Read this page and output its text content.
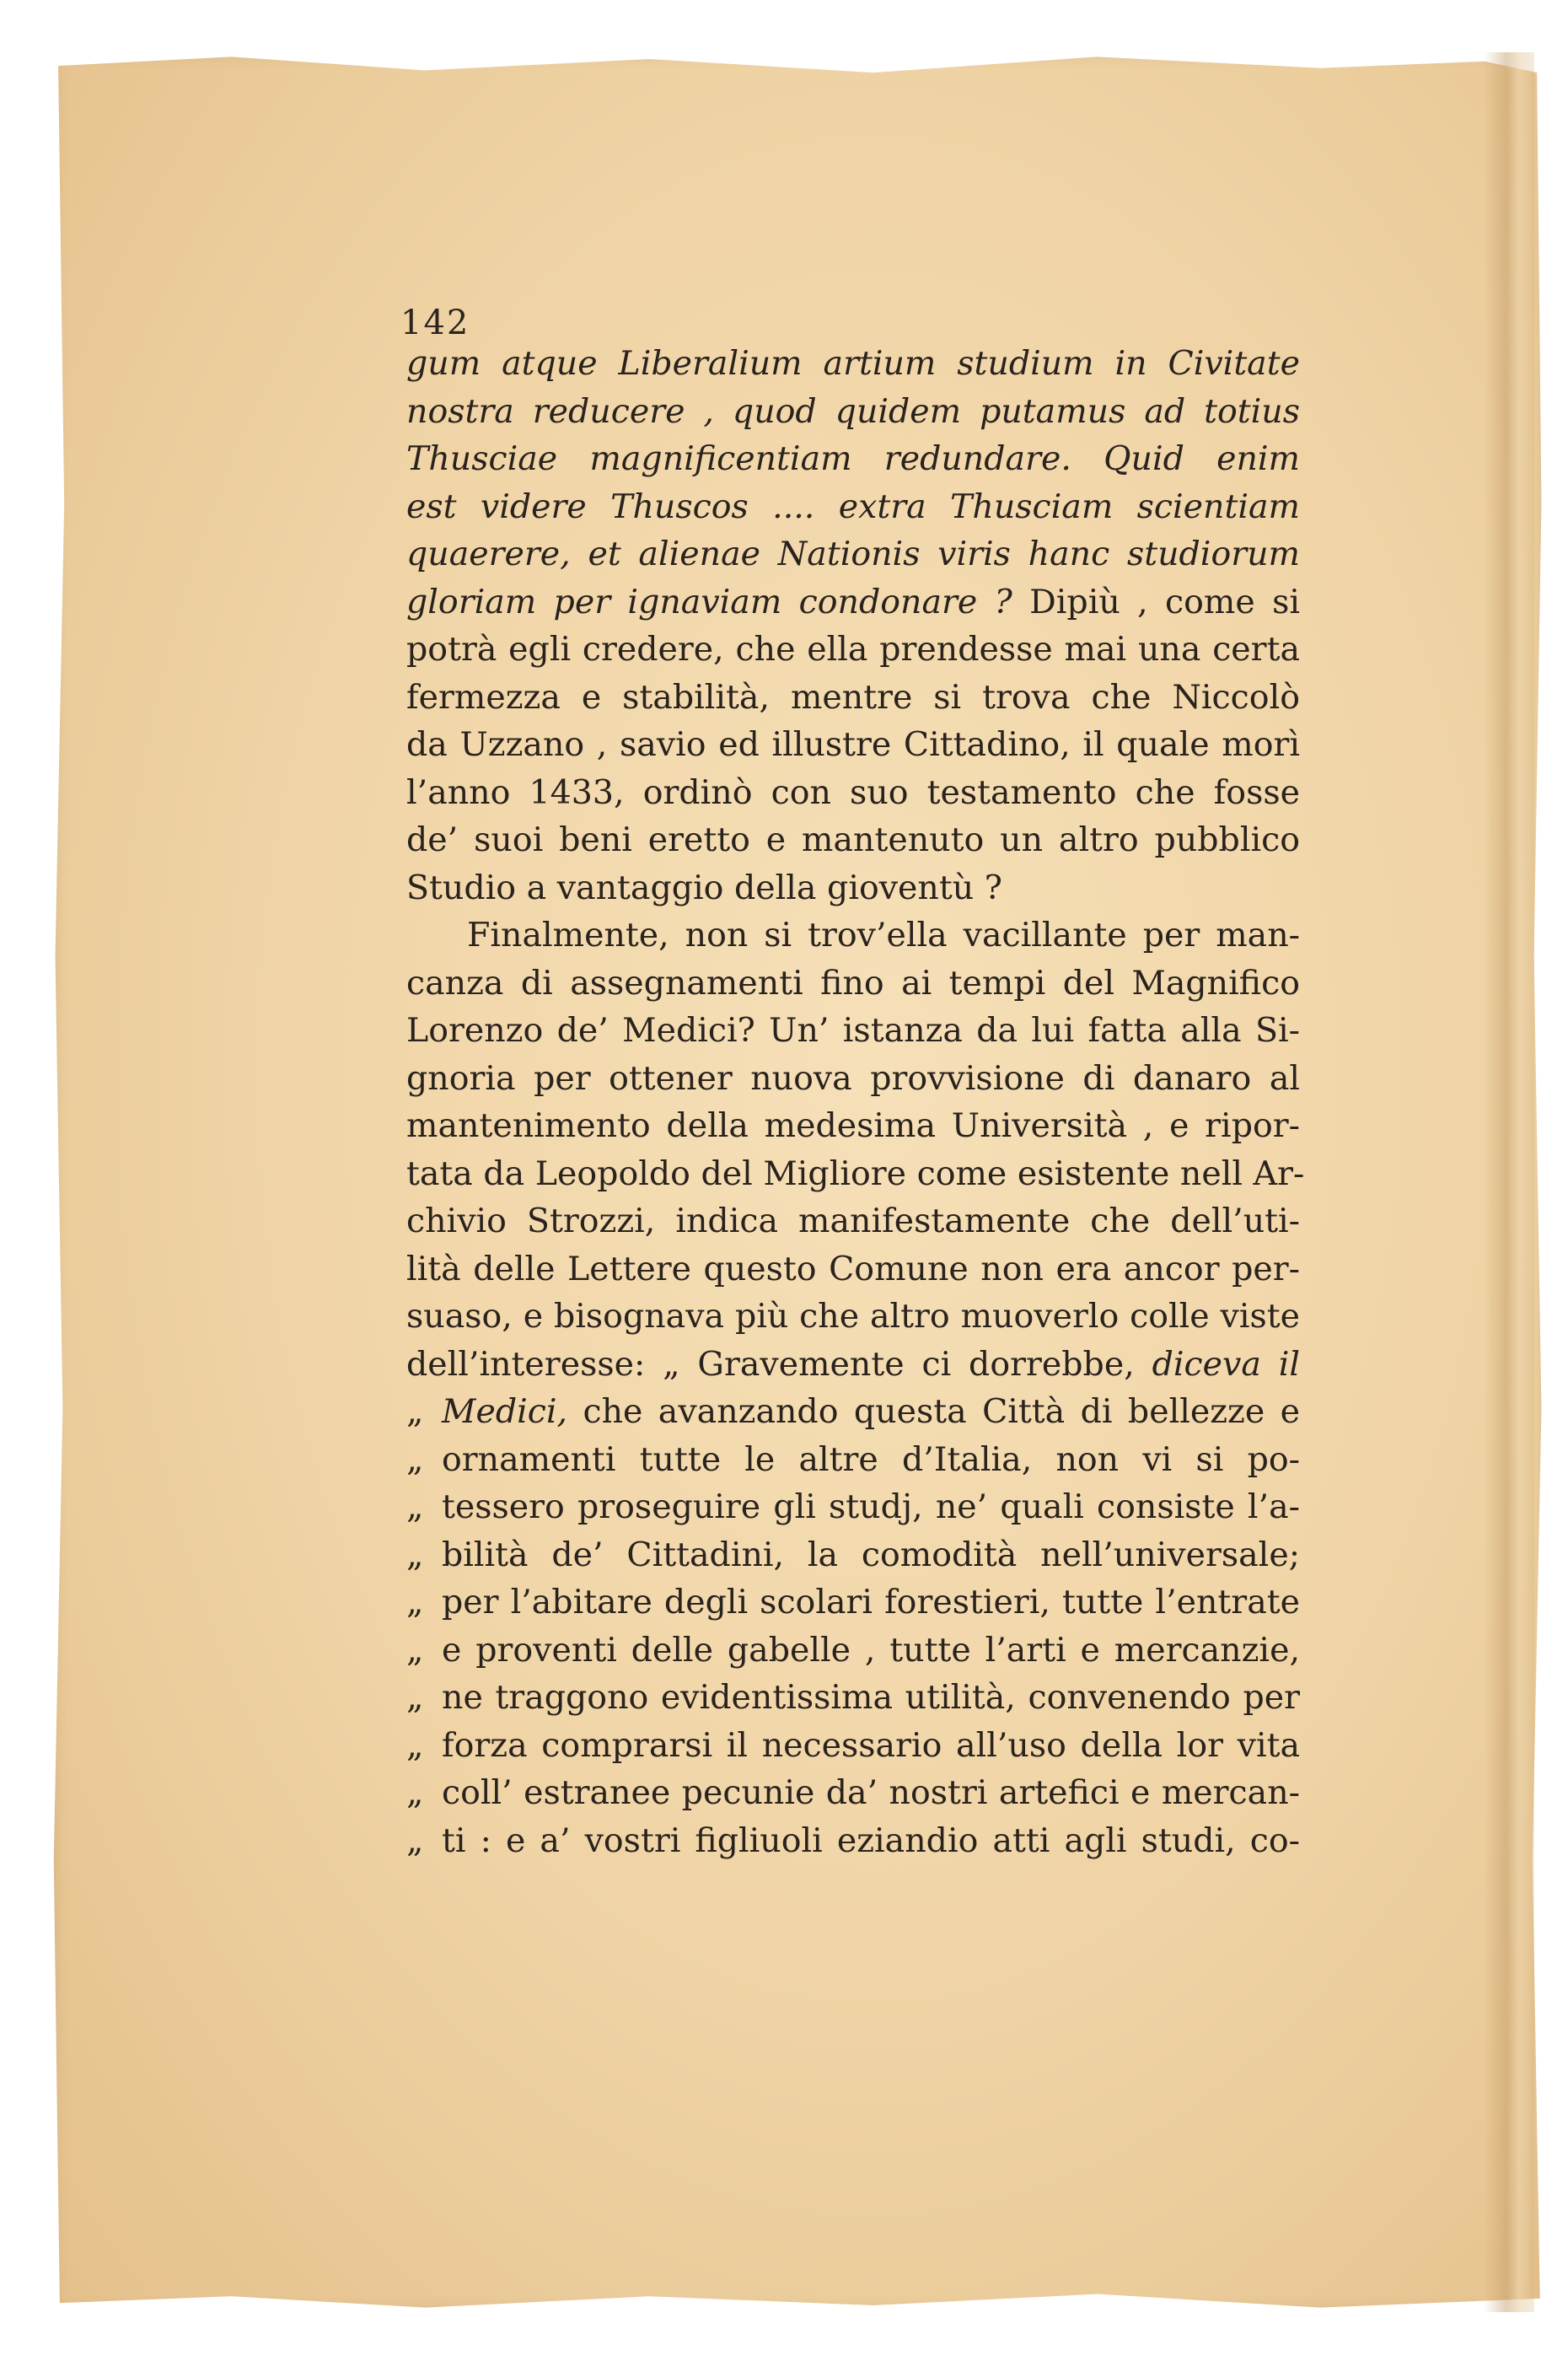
142
gum atque Liberalium artium studium in Civitate
nostra reducere , quod quidem putamus ad totius
Thusciae magnificentiam redundare. Quid enim
est videre Thuscos .... extra Thusciam scientiam
quaerere, et alienae Nationis viris hanc studiorum
gloriam per ignaviam condonare ? Dipiù , come si
potrà egli credere, che ella prendesse mai una certa
fermezza e stabilità, mentre si trova che Niccolò
da Uzzano , savio ed illustre Cittadino, il quale morì
l’anno 1433, ordinò con suo testamento che fosse
de’ suoi beni eretto e mantenuto un altro pubblico
Studio a vantaggio della gioventù ?
Finalmente, non si trov’ella vacillante per man-
canza di assegnamenti fino ai tempi del Magnifico
Lorenzo de’ Medici? Un’ istanza da lui fatta alla Si-
gnoria per ottener nuova provvisione di danaro al
mantenimento della medesima Università , e ripor-
tata da Leopoldo del Migliore come esistente nell Ar-
chivio Strozzi, indica manifestamente che dell’uti-
lità delle Lettere questo Comune non era ancor per-
suaso, e bisognava più che altro muoverlo colle viste
dell’interesse: „ Gravemente ci dorrebbe, diceva il
„ Medici, che avanzando questa Città di bellezze e
„ ornamenti tutte le altre d’Italia, non vi si po-
„ tessero proseguire gli studj, ne’ quali consiste l’a-
„ bilità de’ Cittadini, la comodità nell’universale;
„ per l’abitare degli scolari forestieri, tutte l’entrate
„ e proventi delle gabelle , tutte l’arti e mercanzie,
„ ne traggono evidentissima utilità, convenendo per
„ forza comprarsi il necessario all’uso della lor vita
„ coll’ estranee pecunie da’ nostri artefici e mercan-
„ ti : e a’ vostri figliuoli eziandio atti agli studi, co-
